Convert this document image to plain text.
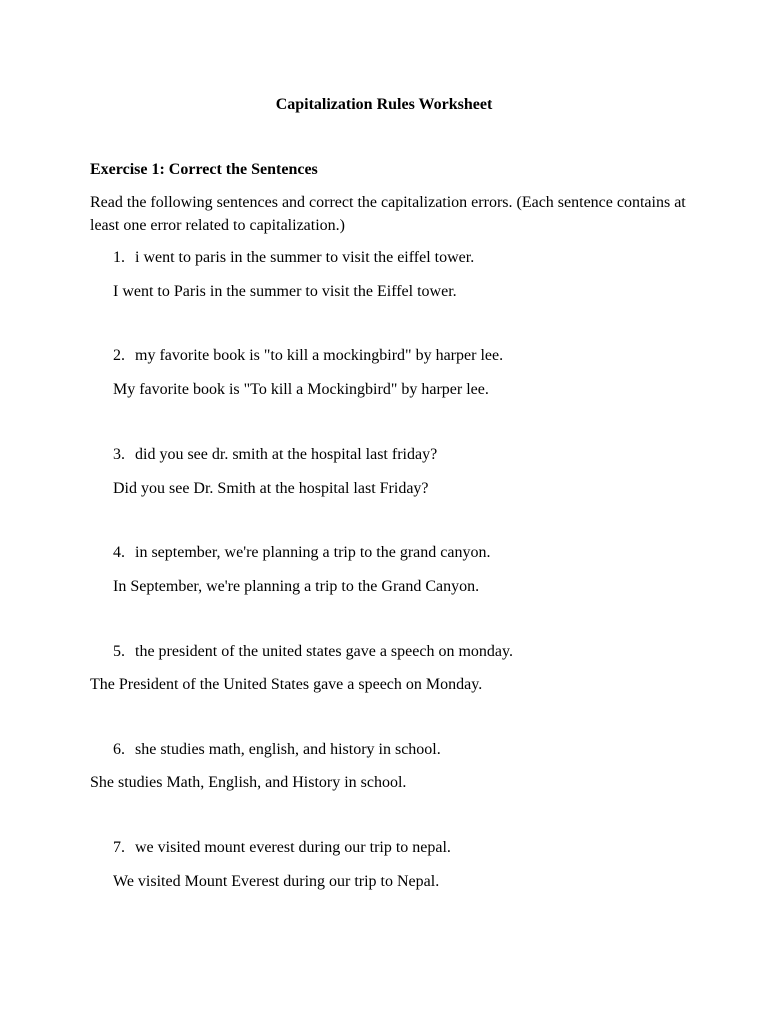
Capitalization Rules Worksheet
Exercise 1: Correct the Sentences
Read the following sentences and correct the capitalization errors. (Each sentence contains at least one error related to capitalization.)
1. i went to paris in the summer to visit the eiffel tower.
I went to Paris in the summer to visit the Eiffel tower.
2. my favorite book is "to kill a mockingbird" by harper lee.
My favorite book is "To kill a Mockingbird" by harper lee.
3. did you see dr. smith at the hospital last friday?
Did you see Dr. Smith at the hospital last Friday?
4. in september, we're planning a trip to the grand canyon.
In September, we're planning a trip to the Grand Canyon.
5. the president of the united states gave a speech on monday.
The President of the United States gave a speech on Monday.
6. she studies math, english, and history in school.
She studies Math, English, and History in school.
7. we visited mount everest during our trip to nepal.
We visited Mount Everest during our trip to Nepal.
